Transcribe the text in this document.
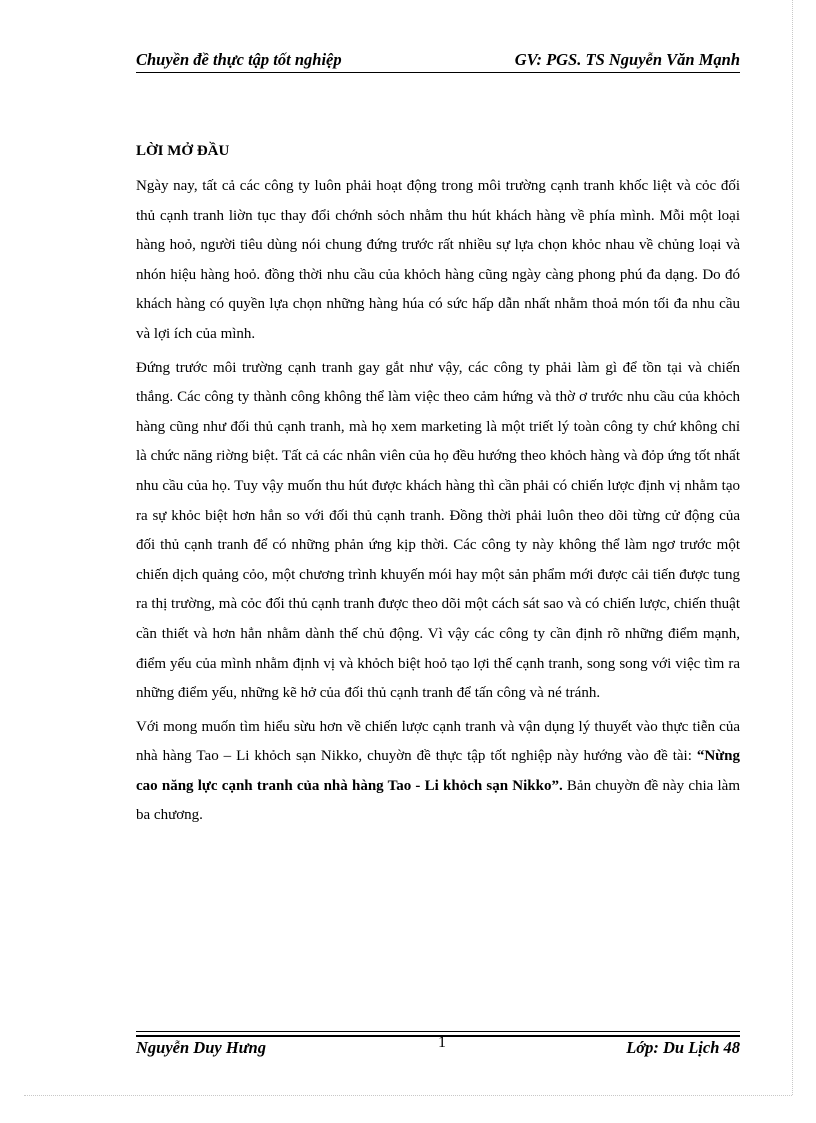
Chuyền đề thực tập tốt nghiệp	GV: PGS. TS Nguyễn Văn Mạnh

LỜI MỞ ĐẦU

Ngày nay, tất cả các công ty luôn phải hoạt động trong môi trường cạnh tranh khốc liệt và cỏc đối thủ cạnh tranh liờn tục thay đổi chớnh sỏch nhằm thu hút khách hàng về phía mình. Mỗi một loại hàng hoỏ, người tiêu dùng nói chung đứng trước rất nhiều sự lựa chọn khỏc nhau về chủng loại và nhón hiệu hàng hoỏ. đồng thời nhu cầu của khỏch hàng cũng ngày càng phong phú đa dạng. Do đó khách hàng có quyền lựa chọn những hàng húa có sức hấp dẫn nhất nhằm thoả món tối đa nhu cầu và lợi ích của mình.

Đứng trước môi trường cạnh tranh gay gắt như vậy, các công ty phải làm gì để tồn tại và chiến thắng. Các công ty thành công không thể làm việc theo cảm hứng và thờ ơ trước nhu cầu của khỏch hàng cũng như đối thủ cạnh tranh, mà họ xem marketing là một triết lý toàn công ty chứ không chỉ là chức năng riờng biệt. Tất cả các nhân viên của họ đều hướng theo khỏch hàng và đỏp ứng tốt nhất nhu cầu của họ. Tuy vậy muốn thu hút được khách hàng thì cần phải có chiến lược định vị nhằm tạo ra sự khỏc biệt hơn hẳn so với đối thủ cạnh tranh. Đồng thời phải luôn theo dõi từng cử động của đối thủ cạnh tranh để có những phản ứng kịp thời. Các công ty này không thể làm ngơ trước một chiến dịch quảng cỏo, một chương trình khuyến mói hay một sản phẩm mới được cải tiến được tung ra thị trường, mà cỏc đối thủ cạnh tranh được theo dõi một cách sát sao và có chiến lược, chiến thuật cần thiết và hơn hẳn nhằm dành thế chủ động. Vì vậy các công ty cần định rõ những điểm mạnh, điểm yếu của mình nhằm định vị và khỏch biệt hoỏ tạo lợi thế cạnh tranh, song song với việc tìm ra những điểm yếu, những kẽ hở của đối thủ cạnh tranh để tấn công và né tránh.

Với mong muốn tìm hiểu sừu hơn về chiến lược cạnh tranh và vận dụng lý thuyết vào thực tiễn của nhà hàng Tao – Li khỏch sạn Nikko, chuyờn đề thực tập tốt nghiệp này hướng vào đề tài: “Nừng cao năng lực cạnh tranh của nhà hàng Tao - Li khỏch sạn Nikko”. Bản chuyờn đề này chia làm ba chương.

Nguyễn Duy Hưng	1	Lớp: Du Lịch 48
